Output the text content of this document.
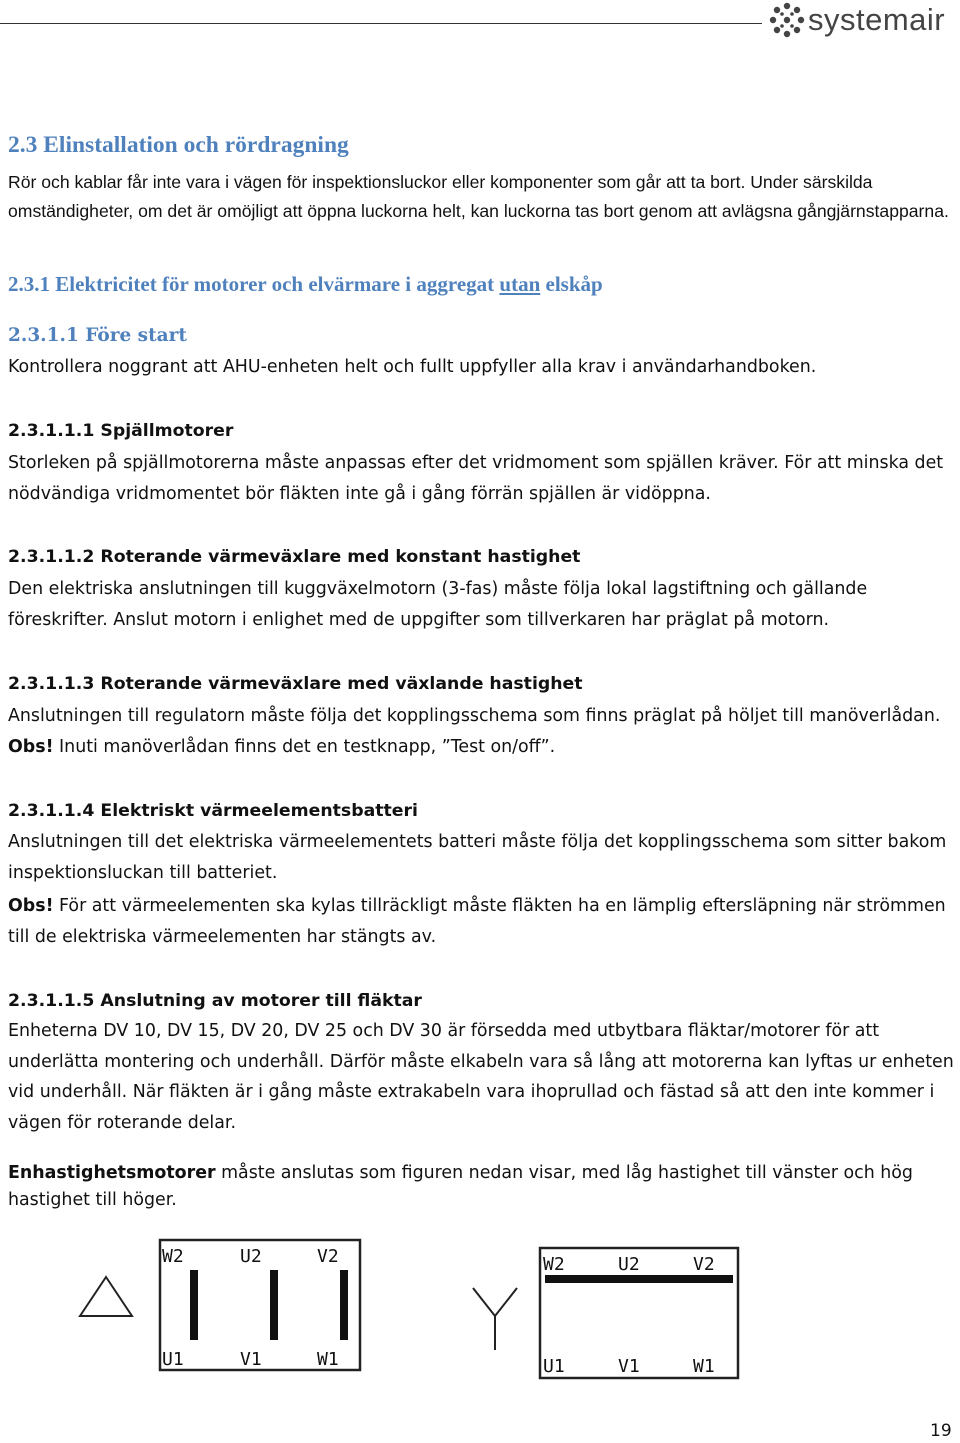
systemair
2.3 Elinstallation och rördragning

Rör och kablar får inte vara i vägen för inspektionsluckor eller komponenter som går att ta bort. Under särskilda omständigheter, om det är omöjligt att öppna luckorna helt, kan luckorna tas bort genom att avlägsna gångjärnstapparna.

2.3.1 Elektricitet för motorer och elvärmare i aggregat utan elskåp
2.3.1.1 Före start

Kontrollera noggrant att AHU-enheten helt och fullt uppfyller alla krav i användarhandboken.

2.3.1.1.1 Spjällmotorer

Storleken på spjällmotorerna måste anpassas efter det vridmoment som spjällen kräver. För att minska det nödvändiga vridmomentet bör fläkten inte gå i gång förrän spjällen är vidöppna.

2.3.1.1.2 Roterande värmeväxlare med konstant hastighet

Den elektriska anslutningen till kuggväxelmotorn (3-fas) måste följa lokal lagstiftning och gällande föreskrifter. Anslut motorn i enlighet med de uppgifter som tillverkaren har präglat på motorn.

2.3.1.1.3 Roterande värmeväxlare med växlande hastighet

Anslutningen till regulatorn måste följa det kopplingsschema som finns präglat på höljet till manöverlådan.

Obs! Inuti manöverlådan finns det en testknapp, ”Test on/off”.

2.3.1.1.4 Elektriskt värmeelementsbatteri

Anslutningen till det elektriska värmeelementets batteri måste följa det kopplingsschema som sitter bakom inspektionsluckan till batteriet.

Obs! För att värmeelementen ska kylas tillräckligt måste fläkten ha en lämplig eftersläpning när strömmen till de elektriska värmeelementen har stängts av.

2.3.1.1.5 Anslutning av motorer till fläktar

Enheterna DV 10, DV 15, DV 20, DV 25 och DV 30 är försedda med utbytbara fläktar/motorer för att underlätta montering och underhåll. Därför måste elkabeln vara så lång att motorerna kan lyftas ur enheten vid underhåll. När fläkten är i gång måste extrakabeln vara ihoprullad och fästad så att den inte kommer i vägen för roterande delar.

Enhastighetsmotorer måste anslutas som figuren nedan visar, med låg hastighet till vänster och hög hastighet till höger.

W2	U2	V2
U1	V1	W1
W2	U2	V2
U1	V1	W1
19
